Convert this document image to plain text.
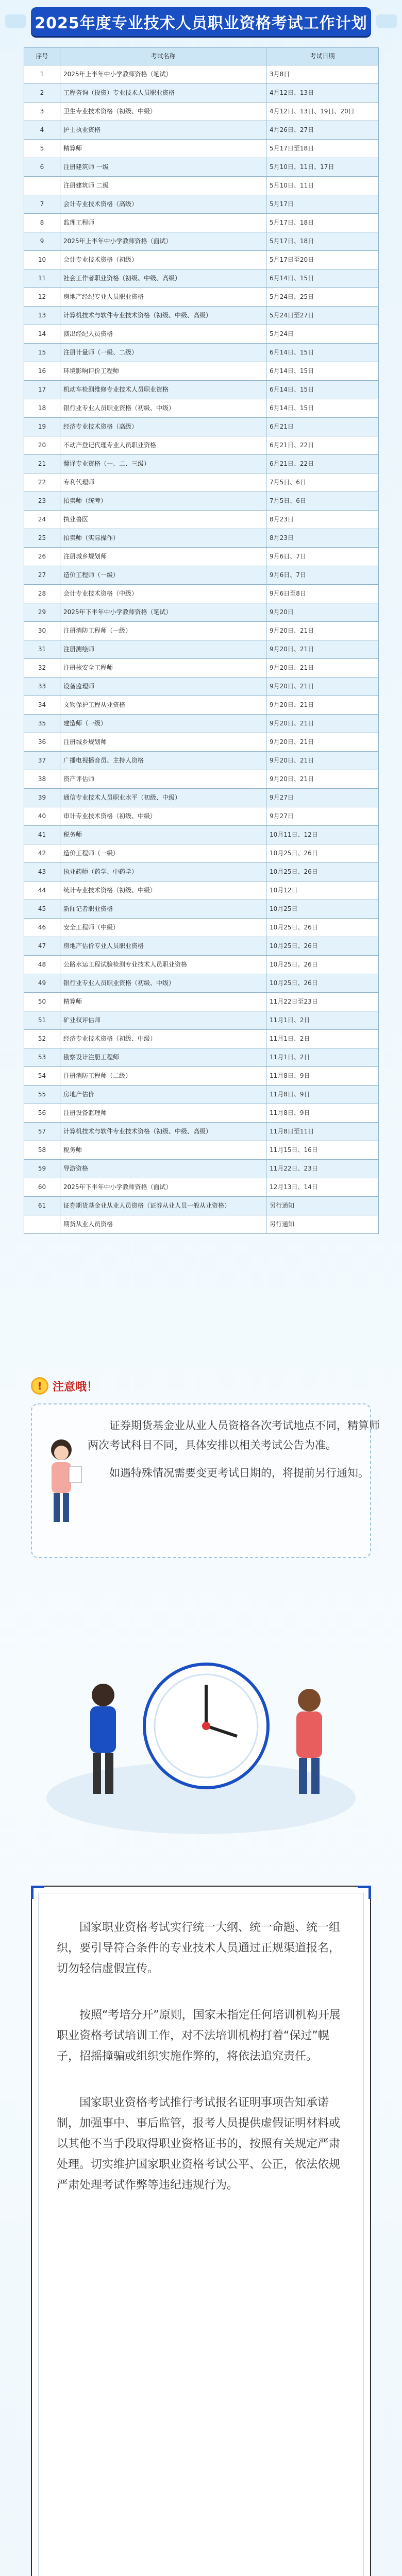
2025年度专业技术人员职业资格考试工作计划
序号	考试名称	考试日期
1	2025年上半年中小学教师资格（笔试）	3月8日
2	工程咨询（投资）专业技术人员职业资格	4月12日、13日
3	卫生专业技术资格（初级、中级）	4月12日、13日、19日、20日
4	护士执业资格	4月26日、27日
5	精算师	5月17日至18日
6	注册建筑师 一级	5月10日、11日、17日
	注册建筑师 二级	5月10日、11日
7	会计专业技术资格（高级）	5月17日
8	监理工程师	5月17日、18日
9	2025年上半年中小学教师资格（面试）	5月17日、18日
10	会计专业技术资格（初级）	5月17日至20日
11	社会工作者职业资格（初级、中级、高级）	6月14日、15日
12	房地产经纪专业人员职业资格	5月24日、25日
13	计算机技术与软件专业技术资格（初级、中级、高级）	5月24日至27日
14	演出经纪人员资格	5月24日
15	注册计量师（一级、二级）	6月14日、15日
16	环境影响评价工程师	6月14日、15日
17	机动车检测维修专业技术人员职业资格	6月14日、15日
18	银行业专业人员职业资格（初级、中级）	6月14日、15日
19	经济专业技术资格（高级）	6月21日
20	不动产登记代理专业人员职业资格	6月21日、22日
21	翻译专业资格（一、二、三级）	6月21日、22日
22	专利代理师	7月5日、6日
23	拍卖师（统考）	7月5日、6日
24	执业兽医	8月23日
25	拍卖师（实际操作）	8月23日
26	注册城乡规划师	9月6日、7日
27	造价工程师（一级）	9月6日、7日
28	会计专业技术资格（中级）	9月6日至8日
29	2025年下半年中小学教师资格（笔试）	9月20日
30	注册消防工程师（一级）	9月20日、21日
31	注册测绘师	9月20日、21日
32	注册核安全工程师	9月20日、21日
33	设备监理师	9月20日、21日
34	文物保护工程从业资格	9月20日、21日
35	建造师（一级）	9月20日、21日
36	注册城乡规划师	9月20日、21日
37	广播电视播音员、主持人资格	9月20日、21日
38	资产评估师	9月20日、21日
39	通信专业技术人员职业水平（初级、中级）	9月27日
40	审计专业技术资格（初级、中级）	9月27日
41	税务师	10月11日、12日
42	造价工程师（一级）	10月25日、26日
43	执业药师（药学、中药学）	10月25日、26日
44	统计专业技术资格（初级、中级）	10月12日
45	新闻记者职业资格	10月25日
46	安全工程师（中级）	10月25日、26日
47	房地产估价专业人员职业资格	10月25日、26日
48	公路水运工程试验检测专业技术人员职业资格	10月25日、26日
49	银行业专业人员职业资格（初级、中级）	10月25日、26日
50	精算师	11月22日至23日
51	矿业权评估师	11月1日、2日
52	经济专业技术资格（初级、中级）	11月1日、2日
53	勘察设计注册工程师	11月1日、2日
54	注册消防工程师（二级）	11月8日、9日
55	房地产估价	11月8日、9日
56	注册设备监理师	11月8日、9日
57	计算机技术与软件专业技术资格（初级、中级、高级）	11月8日至11日
58	税务师	11月15日、16日
59	导游资格	11月22日、23日
60	2025年下半年中小学教师资格（面试）	12月13日、14日
61	证券期货基金业从业人员资格（证券从业人员一般从业资格）	另行通知
	期货从业人员资格	另行通知
! 注意哦！

证券期货基金业从业人员资格各次考试地点不同，精算师两次考试科目不同，具体安排以相关考试公告为准。

如遇特殊情况需要变更考试日期的，将提前另行通知。

国家职业资格考试实行统一大纲、统一命题、统一组织，要引导符合条件的专业技术人员通过正规渠道报名，切勿轻信虚假宣传。

按照“考培分开”原则，国家未指定任何培训机构开展职业资格考试培训工作，对不法培训机构打着“保过”幌子，招摇撞骗或组织实施作弊的，将依法追究责任。

国家职业资格考试推行考试报名证明事项告知承诺制，加强事中、事后监管，报考人员提供虚假证明材料或以其他不当手段取得职业资格证书的，按照有关规定严肃处理。切实维护国家职业资格考试公平、公正，依法依规严肃处理考试作弊等违纪违规行为。
